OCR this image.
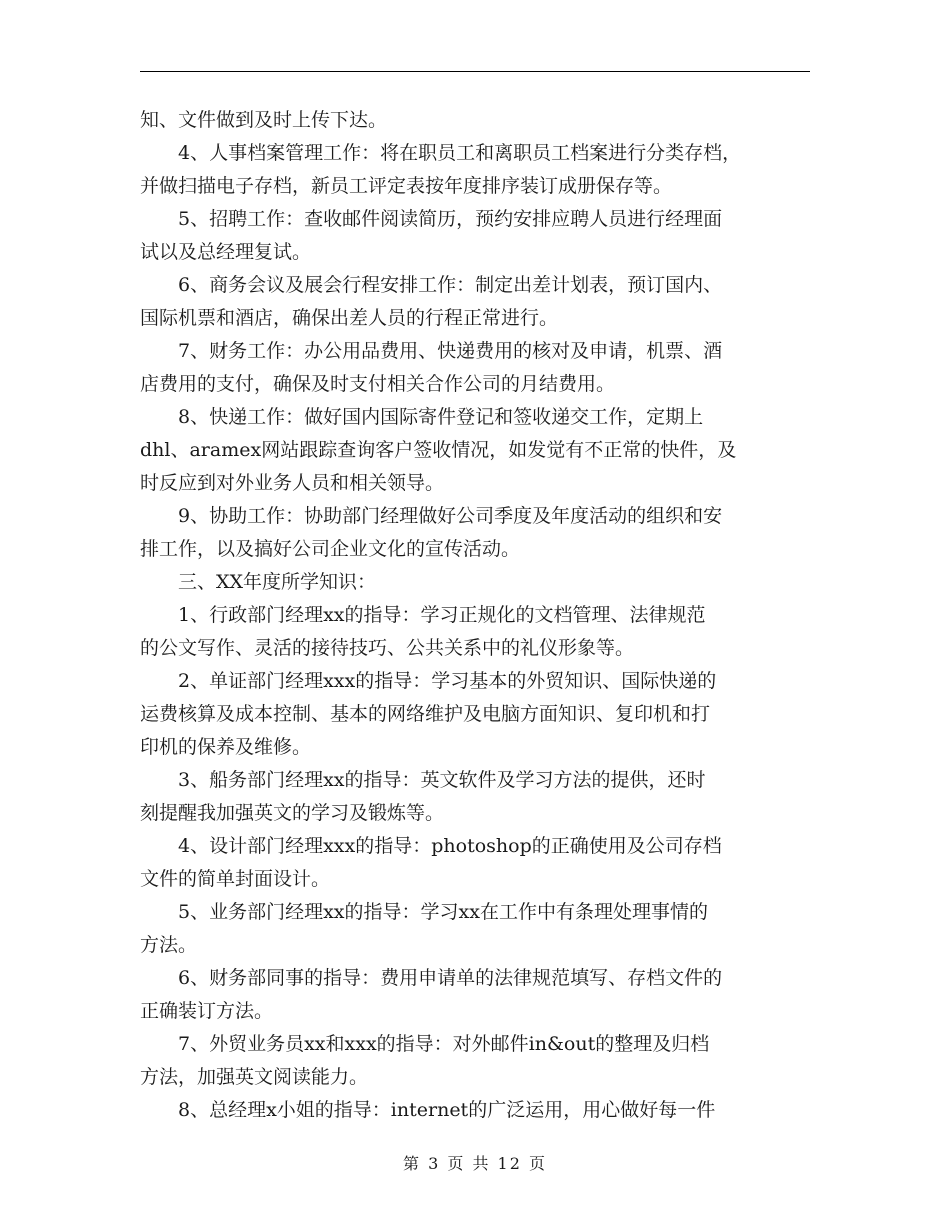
知、文件做到及时上传下达。
　　4、人事档案管理工作：将在职员工和离职员工档案进行分类存档，
并做扫描电子存档，新员工评定表按年度排序装订成册保存等。
　　5、招聘工作：查收邮件阅读简历，预约安排应聘人员进行经理面
试以及总经理复试。
　　6、商务会议及展会行程安排工作：制定出差计划表，预订国内、
国际机票和酒店，确保出差人员的行程正常进行。
　　7、财务工作：办公用品费用、快递费用的核对及申请，机票、酒
店费用的支付，确保及时支付相关合作公司的月结费用。
　　8、快递工作：做好国内国际寄件登记和签收递交工作，定期上
dhl、aramex网站跟踪查询客户签收情况，如发觉有不正常的快件，及
时反应到对外业务人员和相关领导。
　　9、协助工作：协助部门经理做好公司季度及年度活动的组织和安
排工作，以及搞好公司企业文化的宣传活动。
　　三、XX年度所学知识：
　　1、行政部门经理xx的指导：学习正规化的文档管理、法律规范
的公文写作、灵活的接待技巧、公共关系中的礼仪形象等。
　　2、单证部门经理xxx的指导：学习基本的外贸知识、国际快递的
运费核算及成本控制、基本的网络维护及电脑方面知识、复印机和打
印机的保养及维修。
　　3、船务部门经理xx的指导：英文软件及学习方法的提供，还时
刻提醒我加强英文的学习及锻炼等。
　　4、设计部门经理xxx的指导：photoshop的正确使用及公司存档
文件的简单封面设计。
　　5、业务部门经理xx的指导：学习xx在工作中有条理处理事情的
方法。
　　6、财务部同事的指导：费用申请单的法律规范填写、存档文件的
正确装订方法。
　　7、外贸业务员xx和xxx的指导：对外邮件in&out的整理及归档
方法，加强英文阅读能力。
　　8、总经理x小姐的指导：internet的广泛运用，用心做好每一件
第 3 页 共 12 页
